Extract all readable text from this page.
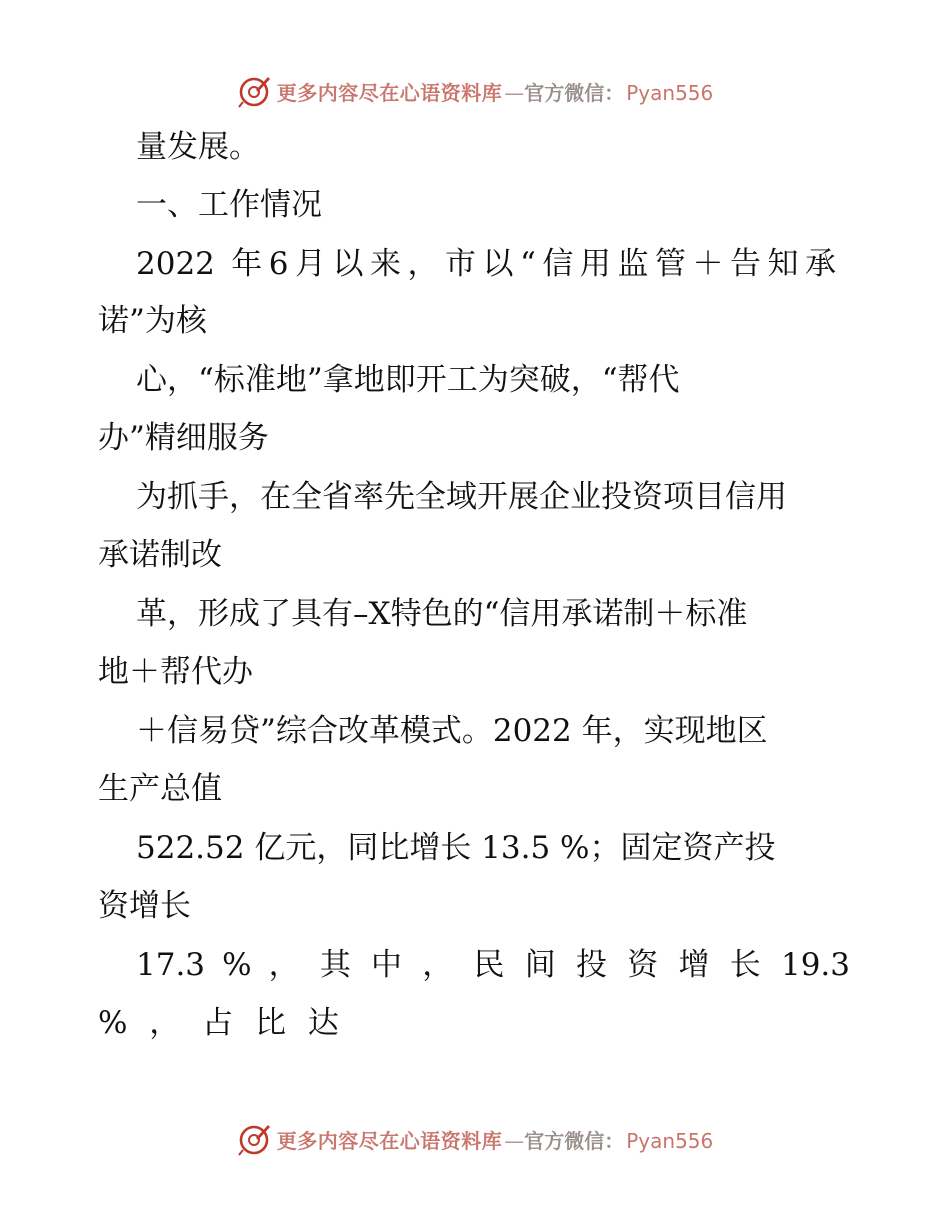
更多内容尽在心语资料库 — 官方微信： Pyan556
量发展。
一、工作情况
2022 年6月以来，市以“信用监管＋告知承
诺”为核
心，“标准地”拿地即开工为突破，“帮代
办”精细服务
为抓手，在全省率先全域开展企业投资项目信用
承诺制改
革，形成了具有–X特色的“信用承诺制＋标准
地＋帮代办
＋信易贷”综合改革模式。2022 年，实现地区
生产总值
522.52 亿元，同比增长 13.5 %；固定资产投
资增长
17.3 % ， 其 中 ， 民 间 投 资 增 长 19.3
% ， 占 比 达
更多内容尽在心语资料库 — 官方微信： Pyan556
